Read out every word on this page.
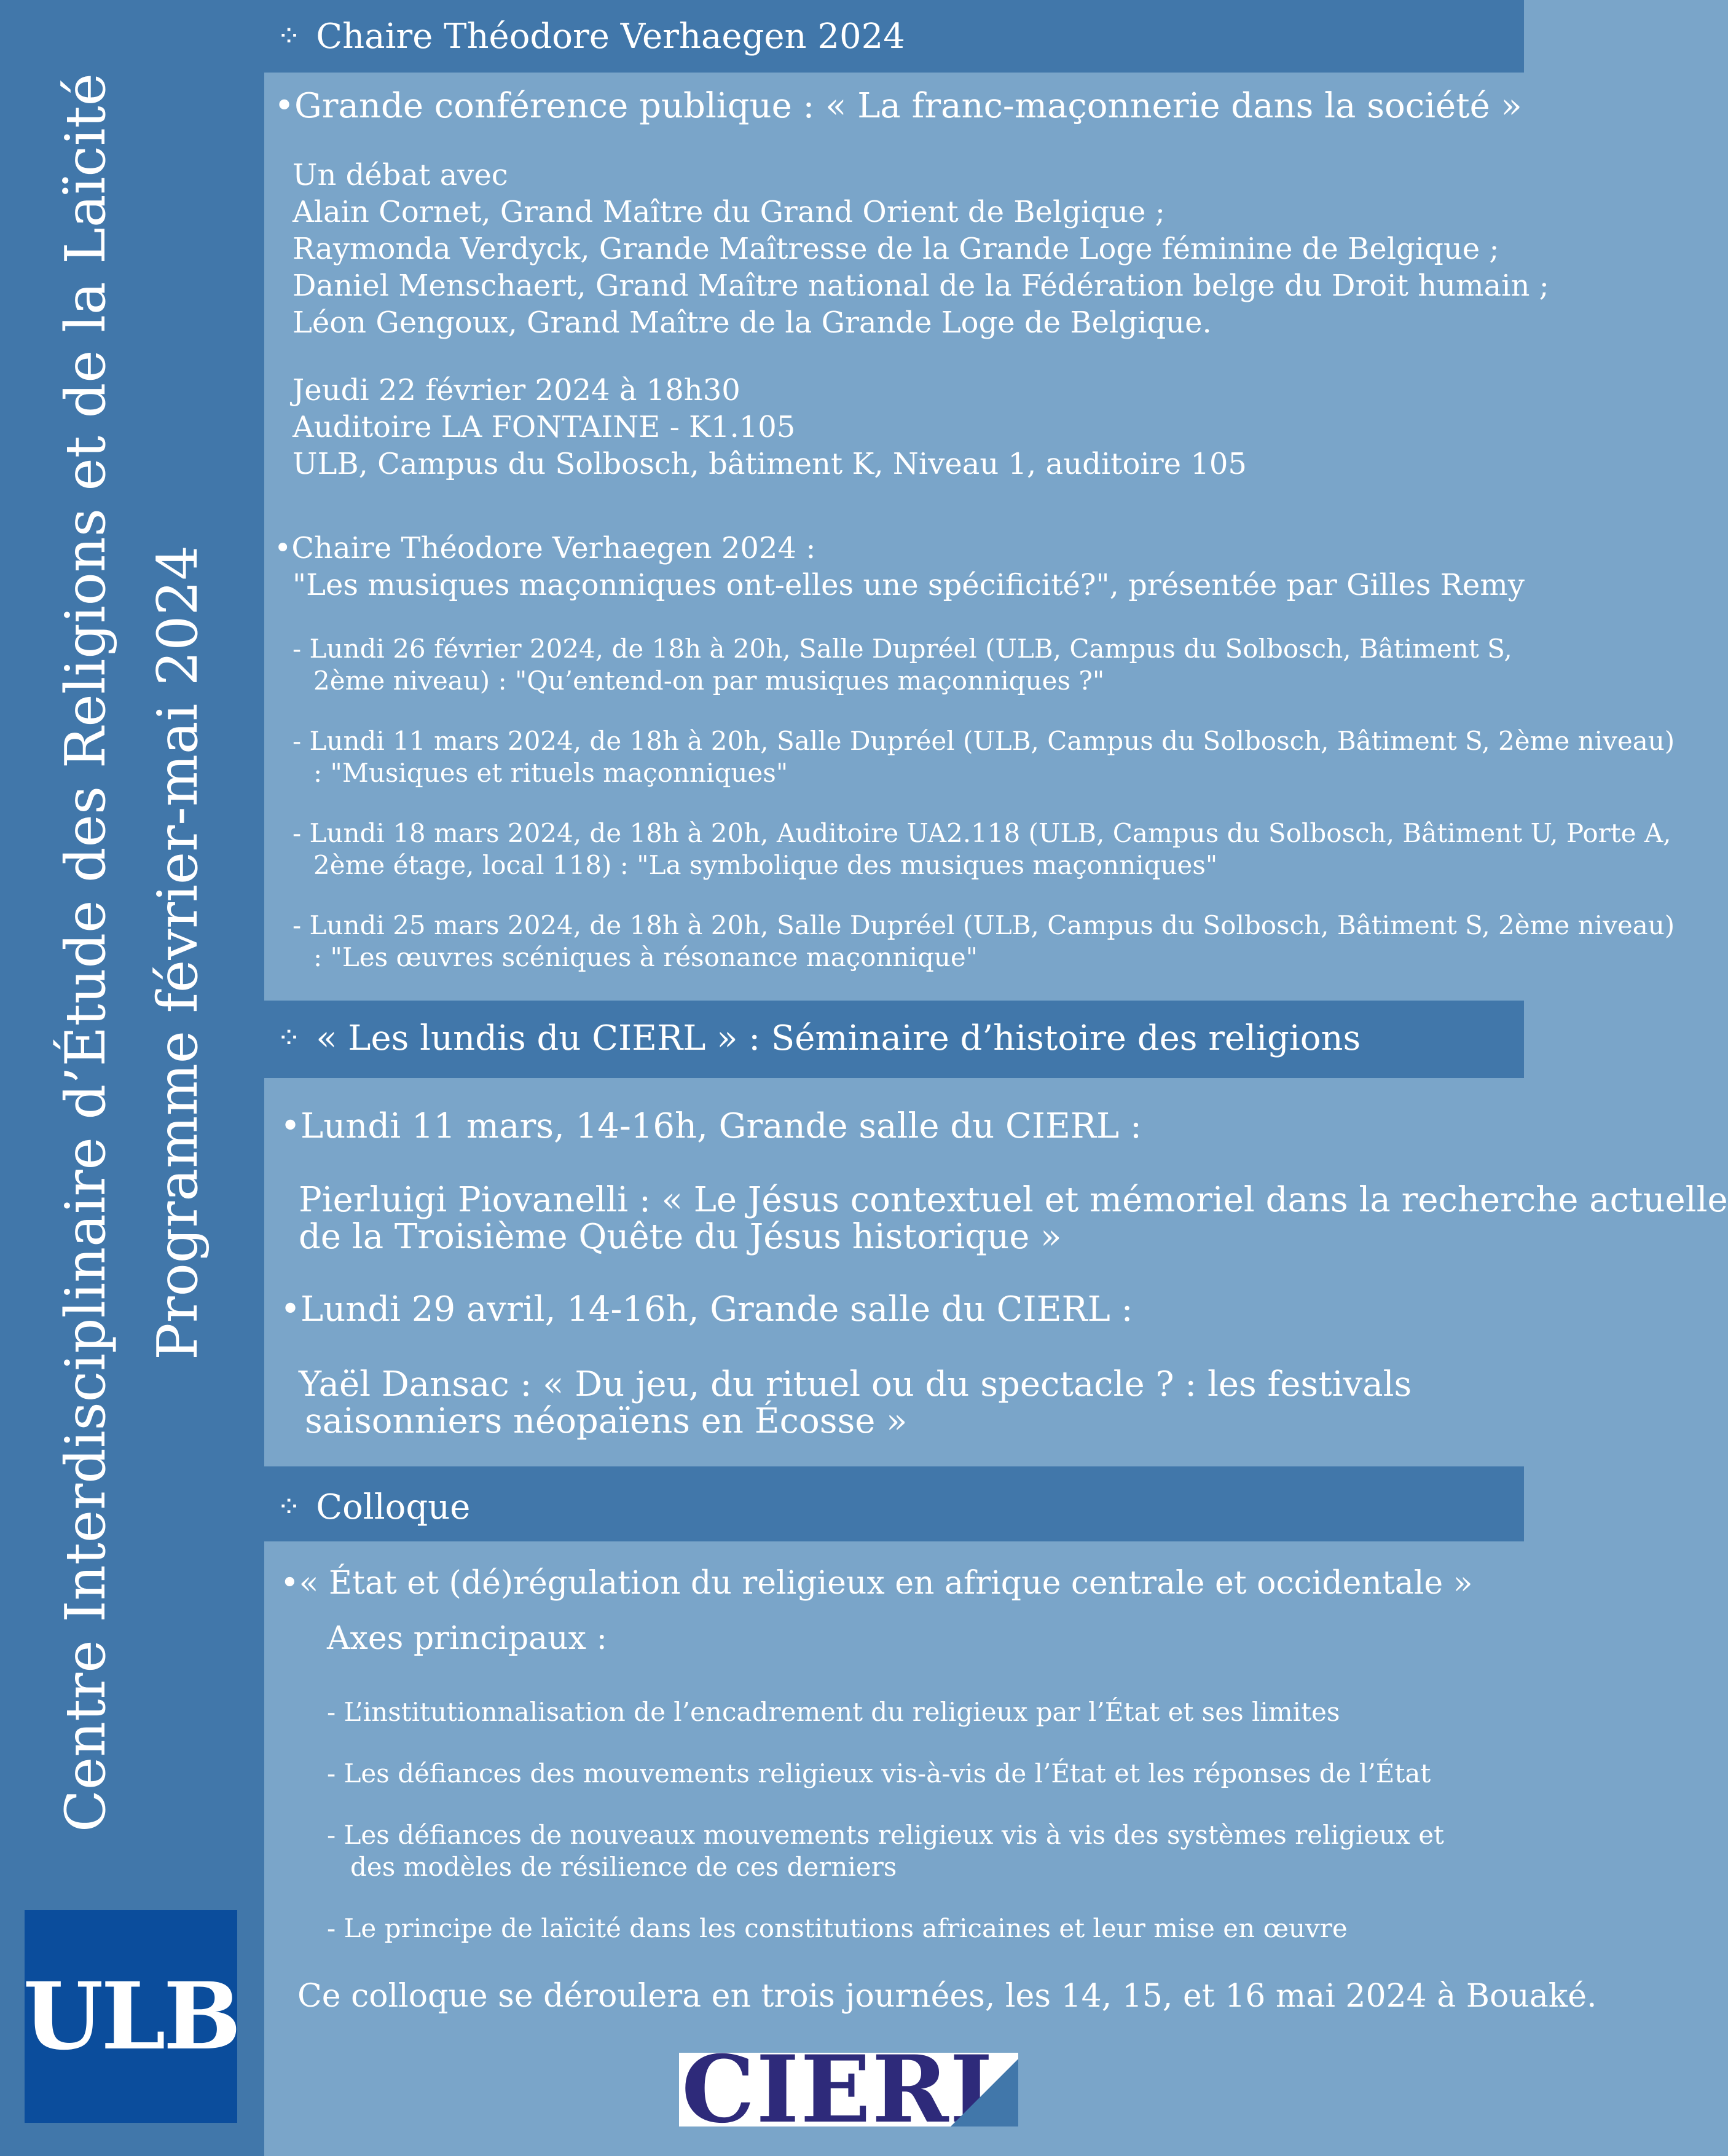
Centre Interdisciplinaire d’Étude des Religions et de la Laïcité Programme février-mai 2024
ULB
⁘ Chaire Théodore Verhaegen 2024
•Grande conférence publique : « La franc-maçonnerie dans la société »
Un débat avec
Alain Cornet, Grand Maître du Grand Orient de Belgique ;
Raymonda Verdyck, Grande Maîtresse de la Grande Loge féminine de Belgique ;
Daniel Menschaert, Grand Maître national de la Fédération belge du Droit humain ;
Léon Gengoux, Grand Maître de la Grande Loge de Belgique.
Jeudi 22 février 2024 à 18h30
Auditoire LA FONTAINE - K1.105
ULB, Campus du Solbosch, bâtiment K, Niveau 1, auditoire 105
•Chaire Théodore Verhaegen 2024 :
"Les musiques maçonniques ont-elles une spécificité?", présentée par Gilles Remy
- Lundi 26 février 2024, de 18h à 20h, Salle Dupréel (ULB, Campus du Solbosch, Bâtiment S,
2ème niveau) : "Qu’entend-on par musiques maçonniques ?"
- Lundi 11 mars 2024, de 18h à 20h, Salle Dupréel (ULB, Campus du Solbosch, Bâtiment S, 2ème niveau)
: "Musiques et rituels maçonniques"
- Lundi 18 mars 2024, de 18h à 20h, Auditoire UA2.118 (ULB, Campus du Solbosch, Bâtiment U, Porte A,
2ème étage, local 118) : "La symbolique des musiques maçonniques"
- Lundi 25 mars 2024, de 18h à 20h, Salle Dupréel (ULB, Campus du Solbosch, Bâtiment S, 2ème niveau)
: "Les œuvres scéniques à résonance maçonnique"
⁘ « Les lundis du CIERL » : Séminaire d’histoire des religions
•Lundi 11 mars, 14-16h, Grande salle du CIERL :
Pierluigi Piovanelli : « Le Jésus contextuel et mémoriel dans la recherche actuelle
de la Troisième Quête du Jésus historique »
•Lundi 29 avril, 14-16h, Grande salle du CIERL :
Yaël Dansac : « Du jeu, du rituel ou du spectacle ? : les festivals
saisonniers néopaïens en Écosse »
⁘ Colloque
•« État et (dé)régulation du religieux en afrique centrale et occidentale »
Axes principaux :
- L’institutionnalisation de l’encadrement du religieux par l’État et ses limites
- Les défiances des mouvements religieux vis-à-vis de l’État et les réponses de l’État
- Les défiances de nouveaux mouvements religieux vis à vis des systèmes religieux et
des modèles de résilience de ces derniers
- Le principe de laïcité dans les constitutions africaines et leur mise en œuvre
Ce colloque se déroulera en trois journées, les 14, 15, et 16 mai 2024 à Bouaké.
CIERL
